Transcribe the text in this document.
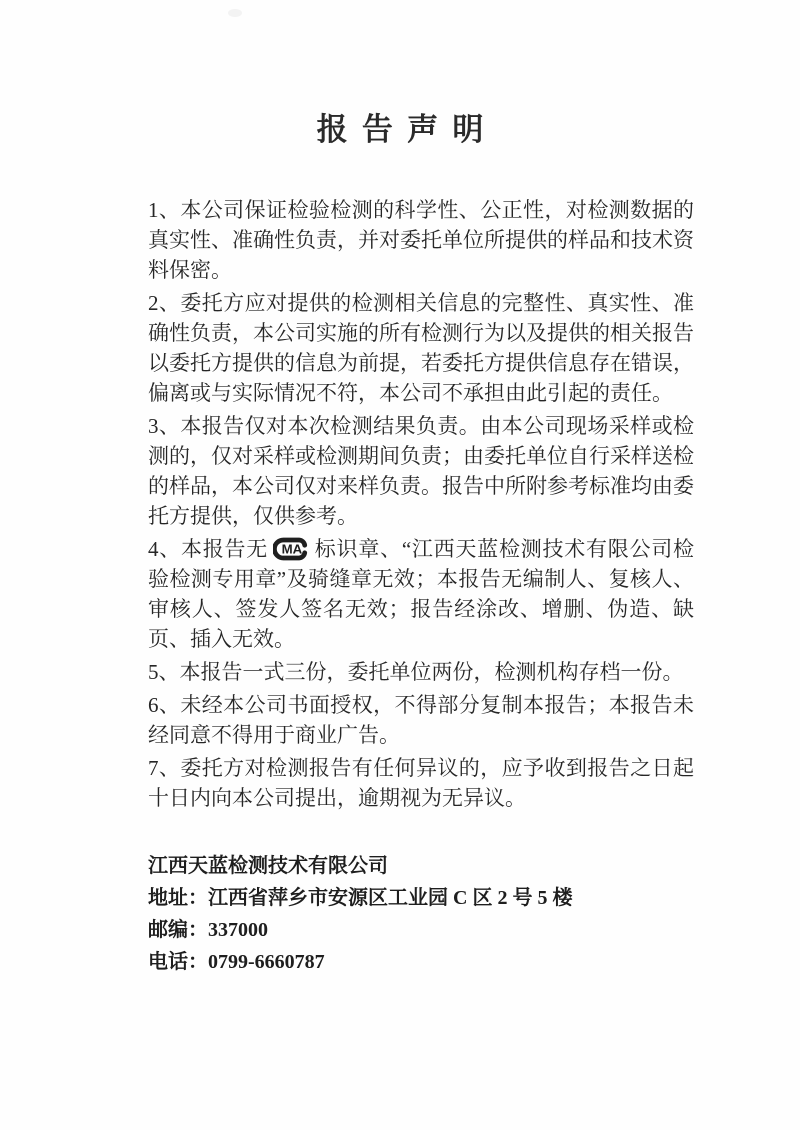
报告声明

1、本公司保证检验检测的科学性、公正性，对检测数据的真实性、准确性负责，并对委托单位所提供的样品和技术资料保密。

2、委托方应对提供的检测相关信息的完整性、真实性、准确性负责，本公司实施的所有检测行为以及提供的相关报告以委托方提供的信息为前提，若委托方提供信息存在错误，偏离或与实际情况不符，本公司不承担由此引起的责任。

3、本报告仅对本次检测结果负责。由本公司现场采样或检测的，仅对采样或检测期间负责；由委托单位自行采样送检的样品，本公司仅对来样负责。报告中所附参考标准均由委托方提供，仅供参考。

4、本报告无 MA 标识章、“江西天蓝检测技术有限公司检验检测专用章”及骑缝章无效；本报告无编制人、复核人、审核人、签发人签名无效；报告经涂改、增删、伪造、缺页、插入无效。

5、本报告一式三份，委托单位两份，检测机构存档一份。

6、未经本公司书面授权，不得部分复制本报告；本报告未经同意不得用于商业广告。

7、委托方对检测报告有任何异议的，应予收到报告之日起十日内向本公司提出，逾期视为无异议。

江西天蓝检测技术有限公司
地址：江西省萍乡市安源区工业园 C 区 2 号 5 楼
邮编：337000
电话：0799-6660787
